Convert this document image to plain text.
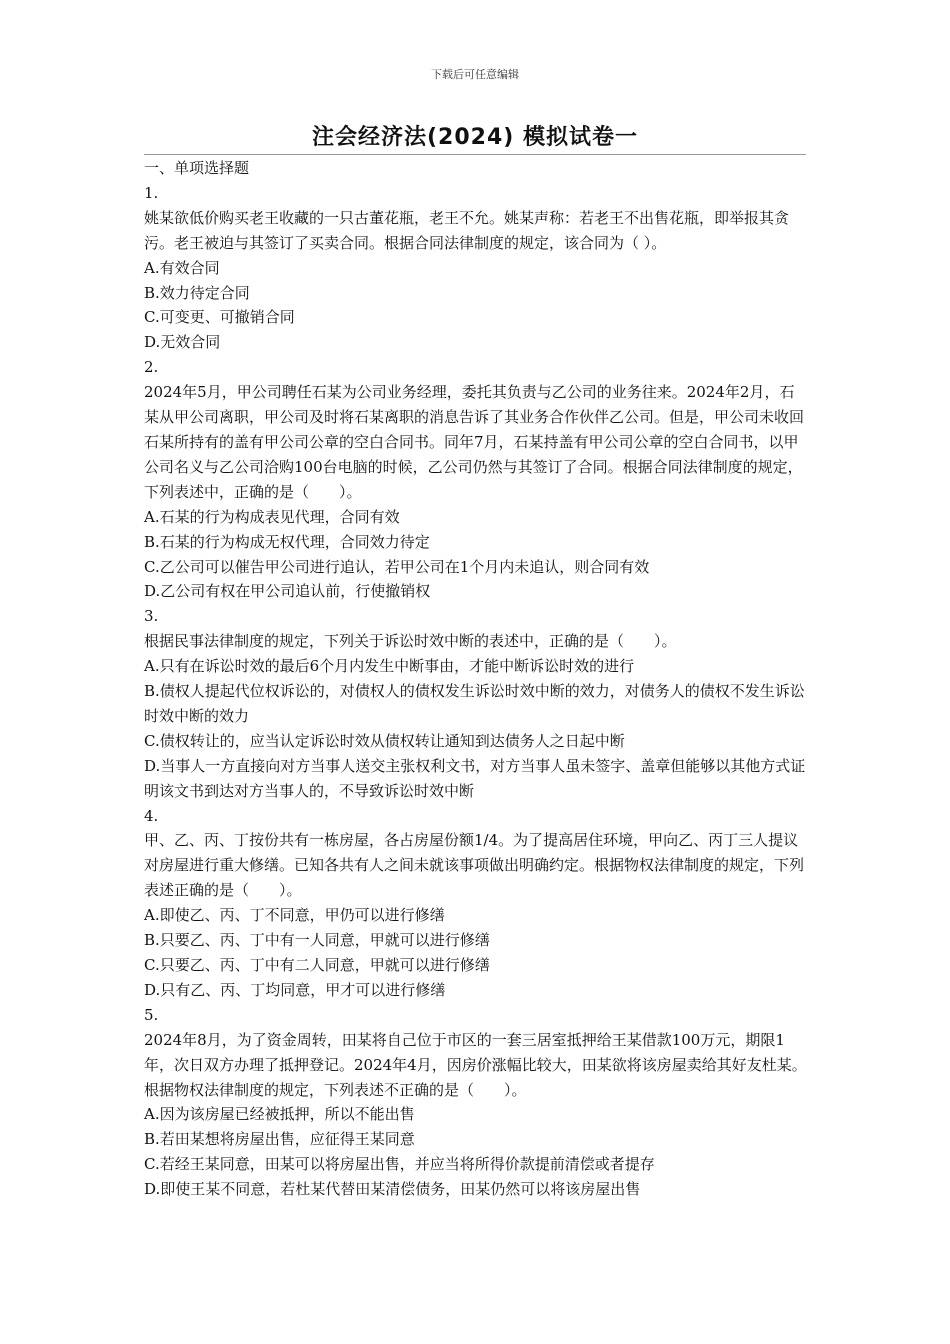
下载后可任意编辑
注会经济法(2024) 模拟试卷一

一、单项选择题

1.

姚某欲低价购买老王收藏的一只古董花瓶，老王不允。姚某声称：若老王不出售花瓶，即举报其贪污。老王被迫与其签订了买卖合同。根据合同法律制度的规定，该合同为（ ）。

A.有效合同

B.效力待定合同

C.可变更、可撤销合同

D.无效合同

2.

2024年5月，甲公司聘任石某为公司业务经理，委托其负责与乙公司的业务往来。2024年2月，石某从甲公司离职，甲公司及时将石某离职的消息告诉了其业务合作伙伴乙公司。但是，甲公司未收回石某所持有的盖有甲公司公章的空白合同书。同年7月，石某持盖有甲公司公章的空白合同书，以甲公司名义与乙公司洽购100台电脑的时候，乙公司仍然与其签订了合同。根据合同法律制度的规定，下列表述中，正确的是（　　）。

A.石某的行为构成表见代理，合同有效

B.石某的行为构成无权代理，合同效力待定

C.乙公司可以催告甲公司进行追认，若甲公司在1个月内未追认，则合同有效

D.乙公司有权在甲公司追认前，行使撤销权

3.

根据民事法律制度的规定，下列关于诉讼时效中断的表述中，正确的是（　　）。

A.只有在诉讼时效的最后6个月内发生中断事由，才能中断诉讼时效的进行

B.债权人提起代位权诉讼的，对债权人的债权发生诉讼时效中断的效力，对债务人的债权不发生诉讼时效中断的效力

C.债权转让的，应当认定诉讼时效从债权转让通知到达债务人之日起中断

D.当事人一方直接向对方当事人送交主张权利文书，对方当事人虽未签字、盖章但能够以其他方式证明该文书到达对方当事人的，不导致诉讼时效中断

4.

甲、乙、丙、丁按份共有一栋房屋，各占房屋份额1/4。为了提高居住环境，甲向乙、丙丁三人提议对房屋进行重大修缮。已知各共有人之间未就该事项做出明确约定。根据物权法律制度的规定，下列表述正确的是（　　）。

A.即使乙、丙、丁不同意，甲仍可以进行修缮

B.只要乙、丙、丁中有一人同意，甲就可以进行修缮

C.只要乙、丙、丁中有二人同意，甲就可以进行修缮

D.只有乙、丙、丁均同意，甲才可以进行修缮

5.

2024年8月，为了资金周转，田某将自己位于市区的一套三居室抵押给王某借款100万元，期限1年，次日双方办理了抵押登记。2024年4月，因房价涨幅比较大，田某欲将该房屋卖给其好友杜某。根据物权法律制度的规定，下列表述不正确的是（　　）。

A.因为该房屋已经被抵押，所以不能出售

B.若田某想将房屋出售，应征得王某同意

C.若经王某同意，田某可以将房屋出售，并应当将所得价款提前清偿或者提存

D.即使王某不同意，若杜某代替田某清偿债务，田某仍然可以将该房屋出售
